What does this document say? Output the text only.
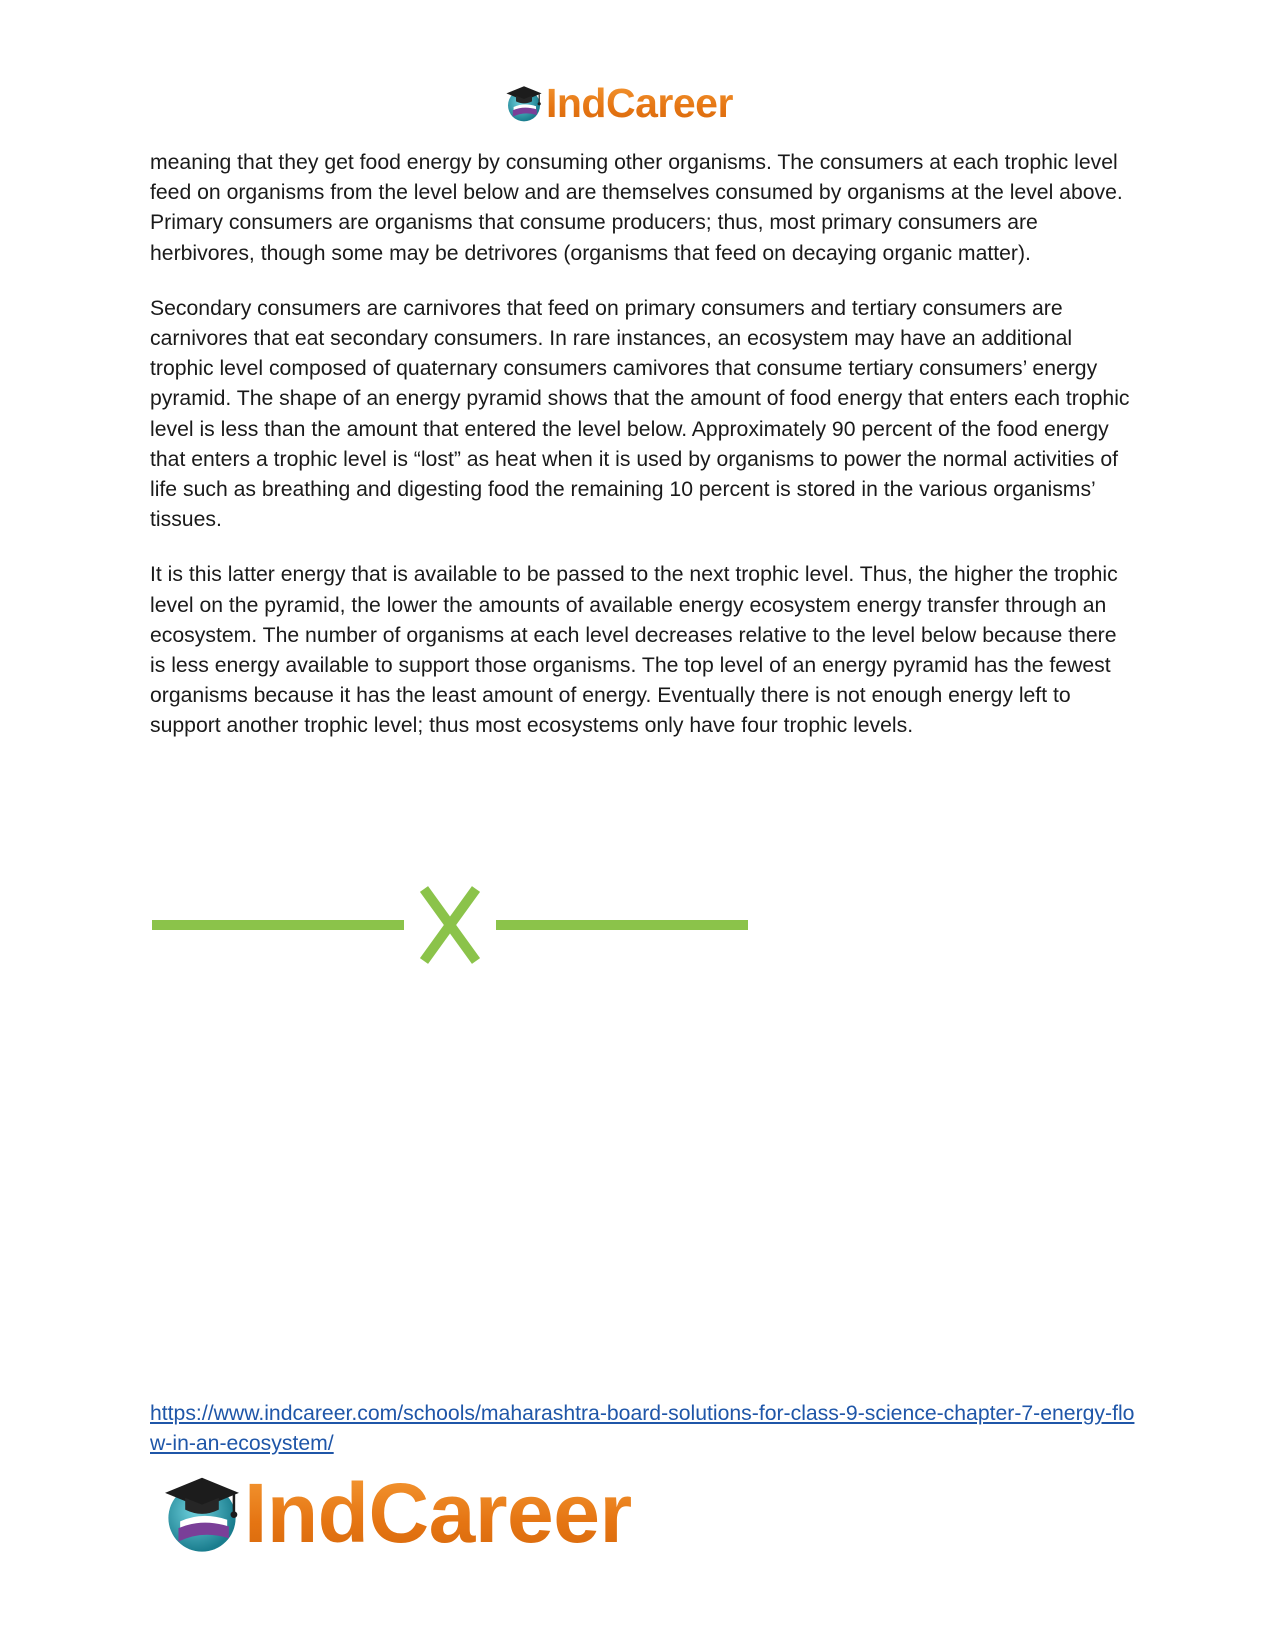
IndCareer

meaning that they get food energy by consuming other organisms. The consumers at each trophic level feed on organisms from the level below and are themselves consumed by organisms at the level above. Primary consumers are organisms that consume producers; thus, most primary consumers are herbivores, though some may be detrivores (organisms that feed on decaying organic matter).

Secondary consumers are carnivores that feed on primary consumers and tertiary consumers are carnivores that eat secondary consumers. In rare instances, an ecosystem may have an additional trophic level composed of quaternary consumers camivores that consume tertiary consumers’ energy pyramid. The shape of an energy pyramid shows that the amount of food energy that enters each trophic level is less than the amount that entered the level below. Approximately 90 percent of the food energy that enters a trophic level is “lost” as heat when it is used by organisms to power the normal activities of life such as breathing and digesting food the remaining 10 percent is stored in the various organisms’ tissues.

It is this latter energy that is available to be passed to the next trophic level. Thus, the higher the trophic level on the pyramid, the lower the amounts of available energy ecosystem energy transfer through an ecosystem. The number of organisms at each level decreases relative to the level below because there is less energy available to support those organisms. The top level of an energy pyramid has the fewest organisms because it has the least amount of energy. Eventually there is not enough energy left to support another trophic level; thus most ecosystems only have four trophic levels.

https://www.indcareer.com/schools/maharashtra-board-solutions-for-class-9-science-chapter-7-energy-flow-in-an-ecosystem/
IndCareer
